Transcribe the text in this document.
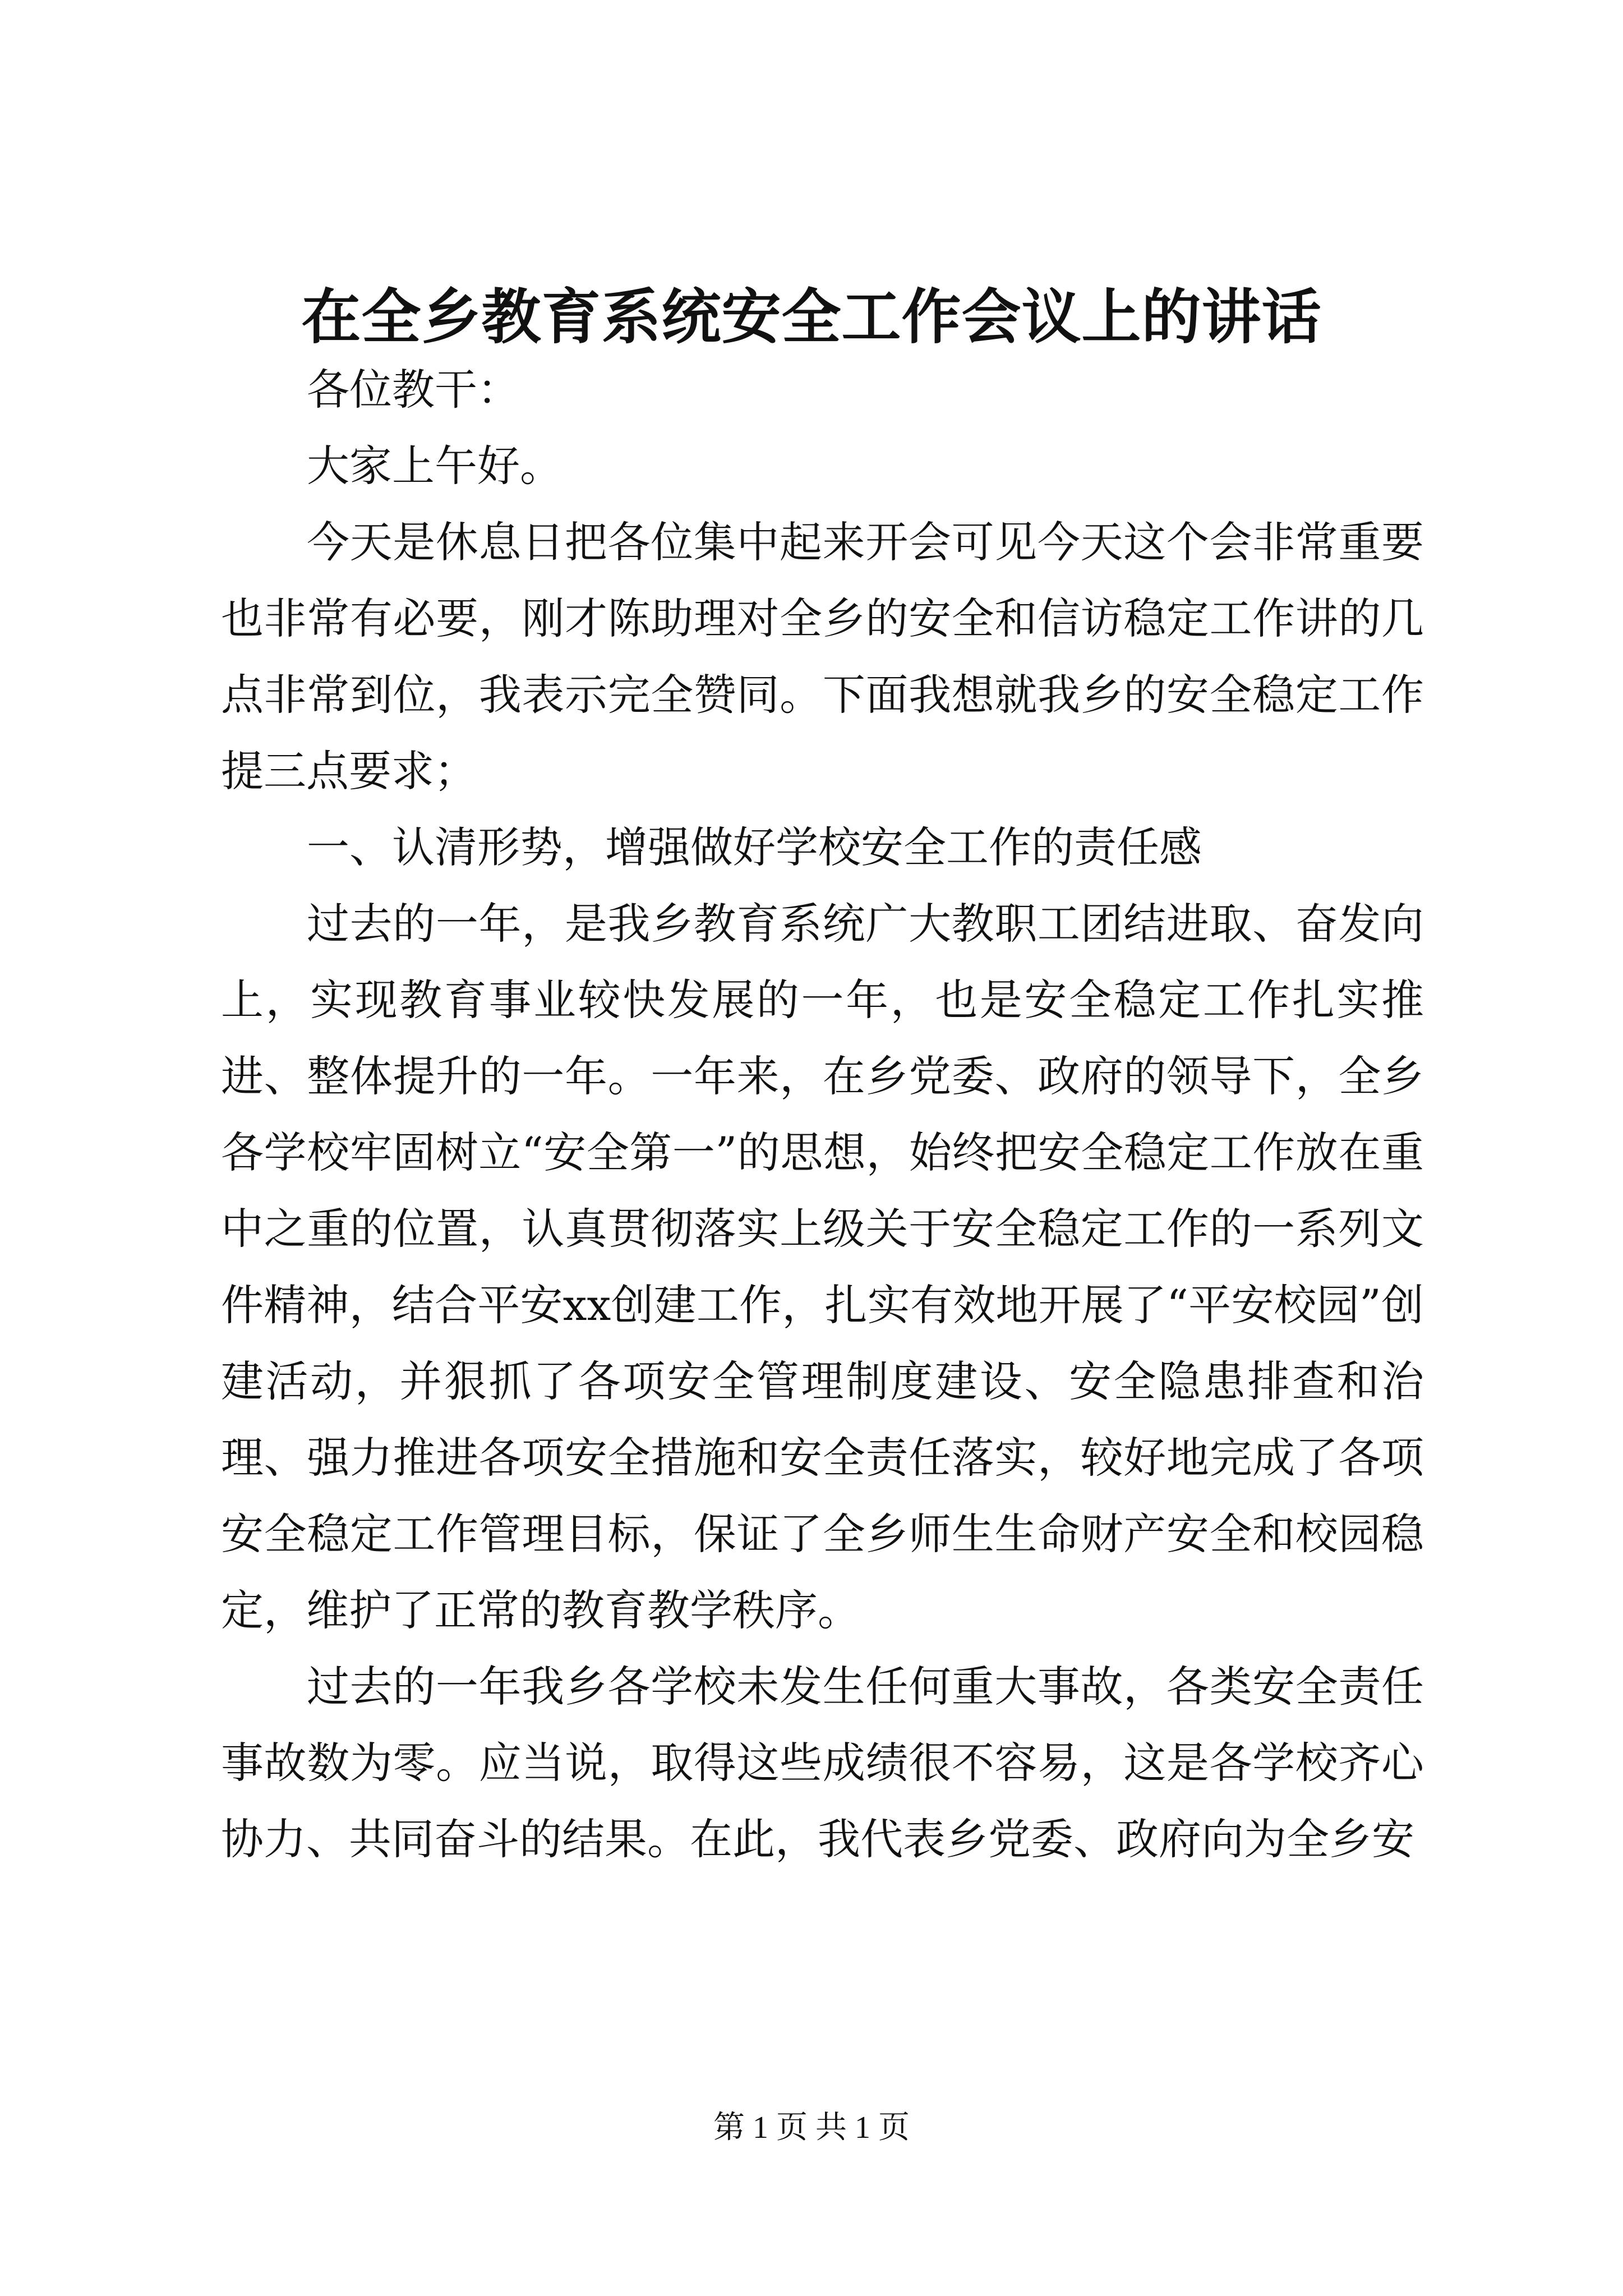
在全乡教育系统安全工作会议上的讲话

各位教干：

大家上午好。

今天是休息日把各位集中起来开会可见今天这个会非常重要也非常有必要，刚才陈助理对全乡的安全和信访稳定工作讲的几点非常到位，我表示完全赞同。下面我想就我乡的安全稳定工作提三点要求；

一、认清形势，增强做好学校安全工作的责任感

过去的一年，是我乡教育系统广大教职工团结进取、奋发向上，实现教育事业较快发展的一年，也是安全稳定工作扎实推进、整体提升的一年。一年来，在乡党委、政府的领导下，全乡各学校牢固树立“安全第一”的思想，始终把安全稳定工作放在重中之重的位置，认真贯彻落实上级关于安全稳定工作的一系列文件精神，结合平安xx创建工作，扎实有效地开展了“平安校园”创建活动，并狠抓了各项安全管理制度建设、安全隐患排查和治理、强力推进各项安全措施和安全责任落实，较好地完成了各项安全稳定工作管理目标，保证了全乡师生生命财产安全和校园稳定，维护了正常的教育教学秩序。

过去的一年我乡各学校未发生任何重大事故，各类安全责任事故数为零。应当说，取得这些成绩很不容易，这是各学校齐心协力、共同奋斗的结果。在此，我代表乡党委、政府向为全乡安

第 1 页 共 1 页
